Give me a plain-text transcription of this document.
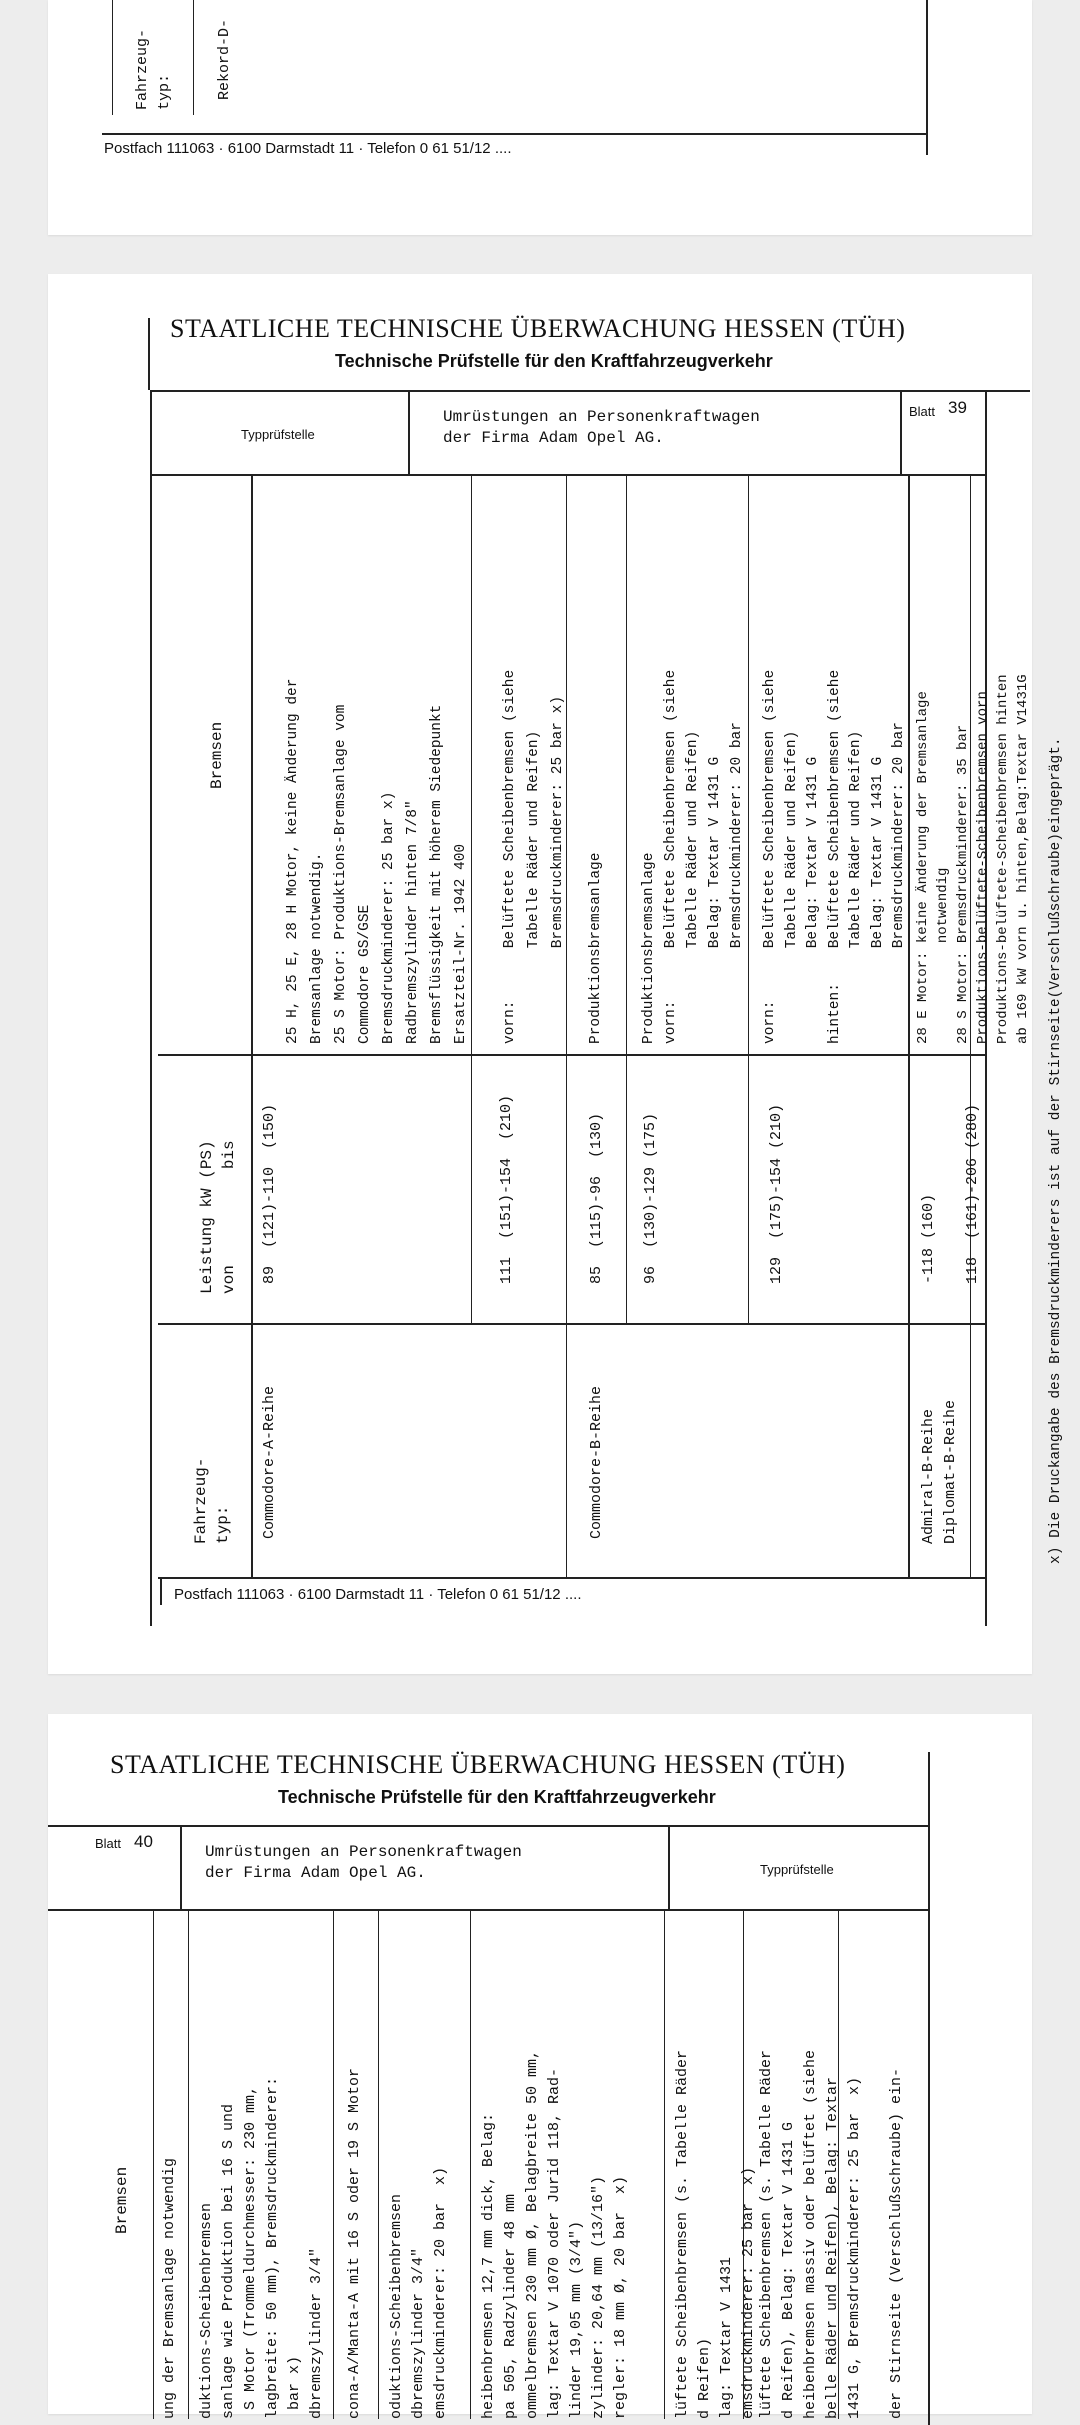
Fahrzeug-
typ:	Rekord-D-
Postfach 111063 · 6100 Darmstadt 11 · Telefon 0 61 51/12 ....
STAATLICHE TECHNISCHE ÜBERWACHUNG HESSEN (TÜH)
Technische Prüfstelle für den Kraftfahrzeugverkehr
Typprüfstelle
Umrüstungen an Personenkraftwagen
der Firma Adam Opel AG.
Blatt 39
Fahrzeug-
typ:
Leistung kW (PS)
von          bis
Bremsen
Commodore-A-Reihe
89  (121)-110  (150)
25 H, 25 E, 28 H Motor, keine Änderung der
Bremsanlage notwendig.
25 S Motor: Produktions-Bremsanlage vom
Commodore GS/GSE
Bremsdruckminderer: 25 bar x)
Radbremszylinder hinten 7/8"
Bremsflüssigkeit mit höherem Siedepunkt
Ersatzteil-Nr. 1942 400
111  (151)-154  (210)
vorn:      Belüftete Scheibenbremsen (siehe
Tabelle Räder und Reifen)
Bremsdruckminderer: 25 bar x)
Commodore-B-Reihe
85  (115)-96  (130)
Produktionsbremsanlage
96  (130)-129 (175)
Produktionsbremsanlage
vorn:      Belüftete Scheibenbremsen (siehe
Tabelle Räder und Reifen)
Belag: Textar V 1431 G
Bremsdruckminderer: 20 bar
129  (175)-154 (210)
vorn:      Belüftete Scheibenbremsen (siehe
Tabelle Räder und Reifen)
Belag: Textar V 1431 G
hinten:    Belüftete Scheibenbremsen (siehe
Tabelle Räder und Reifen)
Belag: Textar V 1431 G
Bremsdruckminderer: 20 bar
Admiral-B-Reihe
Diplomat-B-Reihe
-118 (160)

118  (161)-206 (280)
28 E Motor: keine Änderung der Bremsanlage
notwendig
28 S Motor: Bremsdruckminderer: 35 bar
Produktions-belüftete-Scheibenbremsen vorn
Produktions-belüftete-Scheibenbremsen hinten
ab 169 kW vorn u. hinten,Belag:Textar V1431G
x) Die Druckangabe des Bremsdruckminderers ist auf der Stirnseite(Verschlußschraube)eingeprägt.
Postfach 111063 · 6100 Darmstadt 11 · Telefon 0 61 51/12 ....
STAATLICHE TECHNISCHE ÜBERWACHUNG HESSEN (TÜH)
Technische Prüfstelle für den Kraftfahrzeugverkehr
Blatt 40
Umrüstungen an Personenkraftwagen
der Firma Adam Opel AG.	Typprüfstelle
Bremsen ung der Bremsanlage notwendig duktions-Scheibenbremsen
sanlage wie Produktion bei 16 S und
S Motor (Trommeldurchmesser: 230 mm,
lagbreite: 50 mm), Bremsdruckminderer:
bar x)
dbremszylinder 3/4" cona-A/Manta-A mit 16 S oder 19 S Motor oduktions-Scheibenbremsen
dbremszylinder 3/4"
emsdruckminderer: 20 bar  x)
heibenbremsen 12,7 mm dick, Belag:
pa 505, Radzylinder 48 mm
ommelbremsen 230 mm Ø, Belagbreite 50 mm,
lag: Textar V 1070 oder Jurid 118, Rad-
linder 19,05 mm (3/4")
zylinder: 20,64 mm (13/16")
regler: 18 mm Ø, 20 bar  x)
lüftete Scheibenbremsen (s. Tabelle Räder
d Reifen)
lag: Textar V 1431
emsdruckminderer: 25 bar  x)
lüftete Scheibenbremsen (s. Tabelle Räder
d Reifen), Belag: Textar V 1431 G
heibenbremsen massiv oder belüftet (siehe
belle Räder und Reifen), Belag: Textar
1431 G, Bremsdruckminderer: 25 bar  x) der Stirnseite (Verschlußschraube) ein-
